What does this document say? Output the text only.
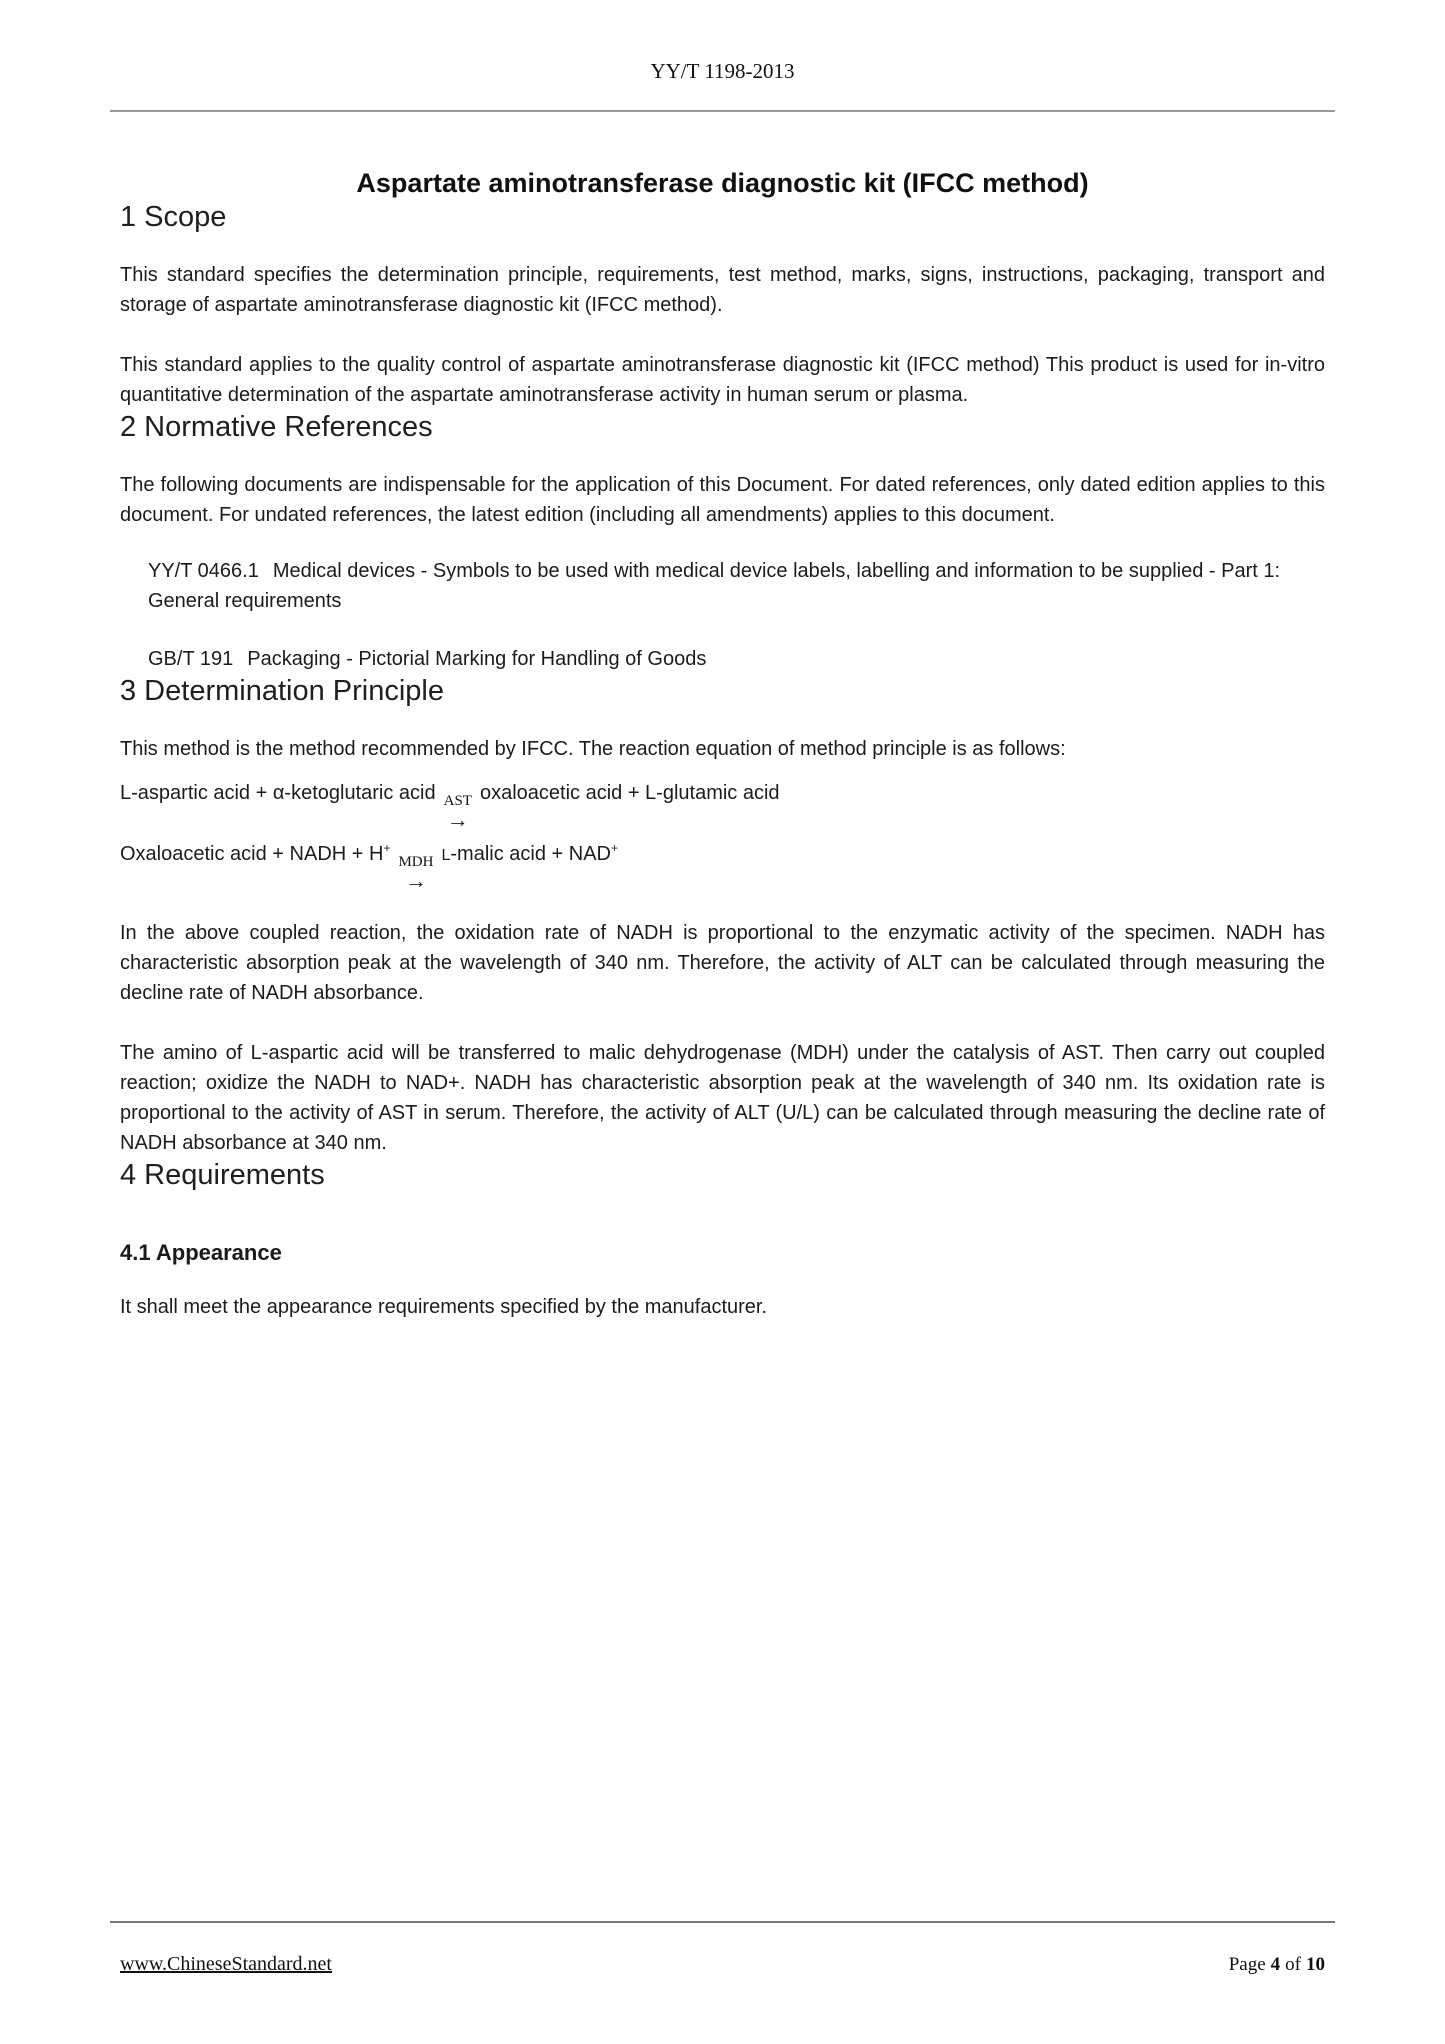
YY/T 1198-2013
Aspartate aminotransferase diagnostic kit (IFCC method)
1 Scope

This standard specifies the determination principle, requirements, test method, marks, signs, instructions, packaging, transport and storage of aspartate aminotransferase diagnostic kit (IFCC method).

This standard applies to the quality control of aspartate aminotransferase diagnostic kit (IFCC method) This product is used for in-vitro quantitative determination of the aspartate aminotransferase activity in human serum or plasma.

2 Normative References

The following documents are indispensable for the application of this Document. For dated references, only dated edition applies to this document. For undated references, the latest edition (including all amendments) applies to this document.

YY/T 0466.1 Medical devices - Symbols to be used with medical device labels, labelling and information to be supplied - Part 1: General requirements
GB/T 191 Packaging - Pictorial Marking for Handling of Goods
3 Determination Principle

This method is the method recommended by IFCC. The reaction equation of method principle is as follows:

L-aspartic acid + α-ketoglutaric acid AST
→
oxaloacetic acid + L-glutamic acid
Oxaloacetic acid + NADH + H+
MDH
→
L-malic acid + NAD+

In the above coupled reaction, the oxidation rate of NADH is proportional to the enzymatic activity of the specimen. NADH has characteristic absorption peak at the wavelength of 340 nm. Therefore, the activity of ALT can be calculated through measuring the decline rate of NADH absorbance.

The amino of L-aspartic acid will be transferred to malic dehydrogenase (MDH) under the catalysis of AST. Then carry out coupled reaction; oxidize the NADH to NAD+. NADH has characteristic absorption peak at the wavelength of 340 nm. Its oxidation rate is proportional to the activity of AST in serum. Therefore, the activity of ALT (U/L) can be calculated through measuring the decline rate of NADH absorbance at 340 nm.

4 Requirements
4.1 Appearance

It shall meet the appearance requirements specified by the manufacturer.

www.ChineseStandard.net	Page 4 of 10
